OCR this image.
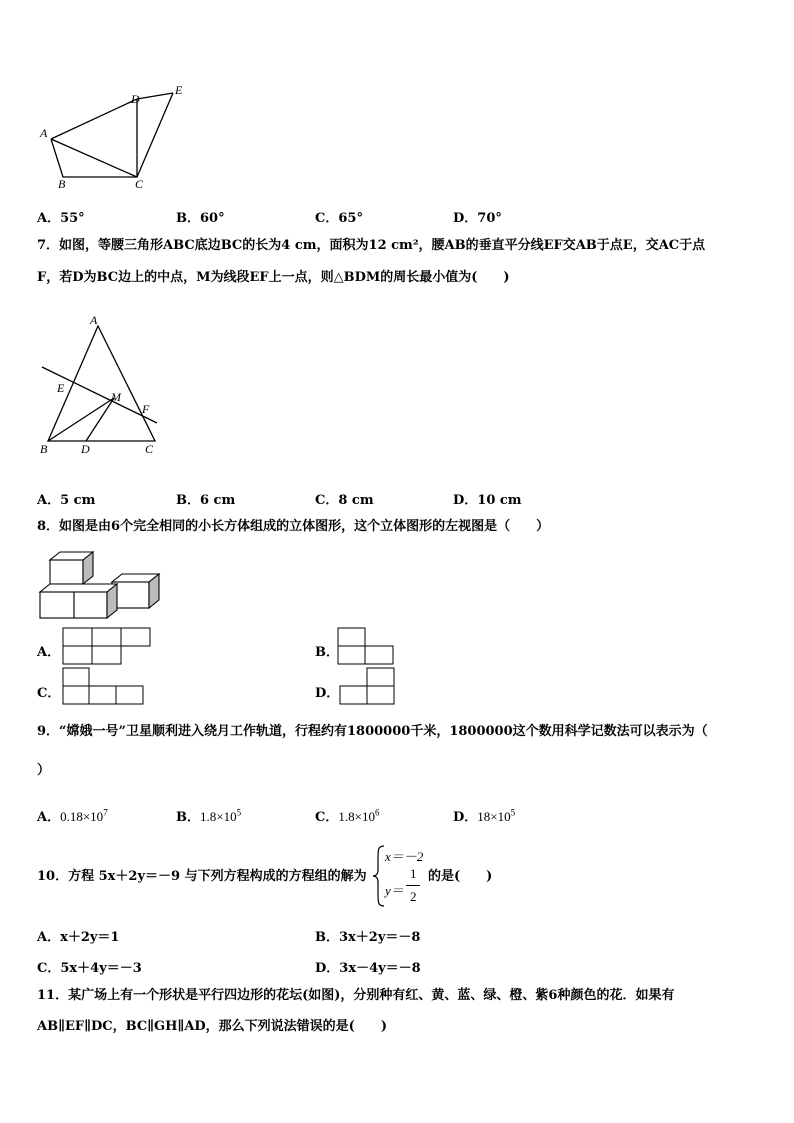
A
B	C
D
E
A．55°	B．60°	C．65°	D．70°
7．如图，等腰三角形ABC底边BC的长为4 cm，面积为12 cm²，腰AB的垂直平分线EF交AB于点E，交AC于点
F，若D为BC边上的中点，M为线段EF上一点，则△BDM的周长最小值为(　　)
A
E
M
F
B	D	C
A．5 cm	B．6 cm	C．8 cm	D．10 cm
8．如图是由6个完全相同的小长方体组成的立体图形，这个立体图形的左视图是（　　）
A．	B．
C．	D．
9．“嫦娥一号”卫星顺利进入绕月工作轨道，行程约有1800000千米，1800000这个数用科学记数法可以表示为（
）
A．$0.18\times 10^7$	B．$1.8\times 10^5$	C．$1.8\times 10^6$	D．$18\times 10^5$
10．方程 5x＋2y＝－9 与下列方程构成的方程组的解为
x＝－2
y＝
1
2
的是(　　)
A．x＋2y＝1	B．3x＋2y＝－8
C．5x＋4y＝－3	D．3x－4y＝－8
11．某广场上有一个形状是平行四边形的花坛(如图)，分别种有红、黄、蓝、绿、橙、紫6种颜色的花．如果有
AB∥EF∥DC，BC∥GH∥AD，那么下列说法错误的是(　　)
